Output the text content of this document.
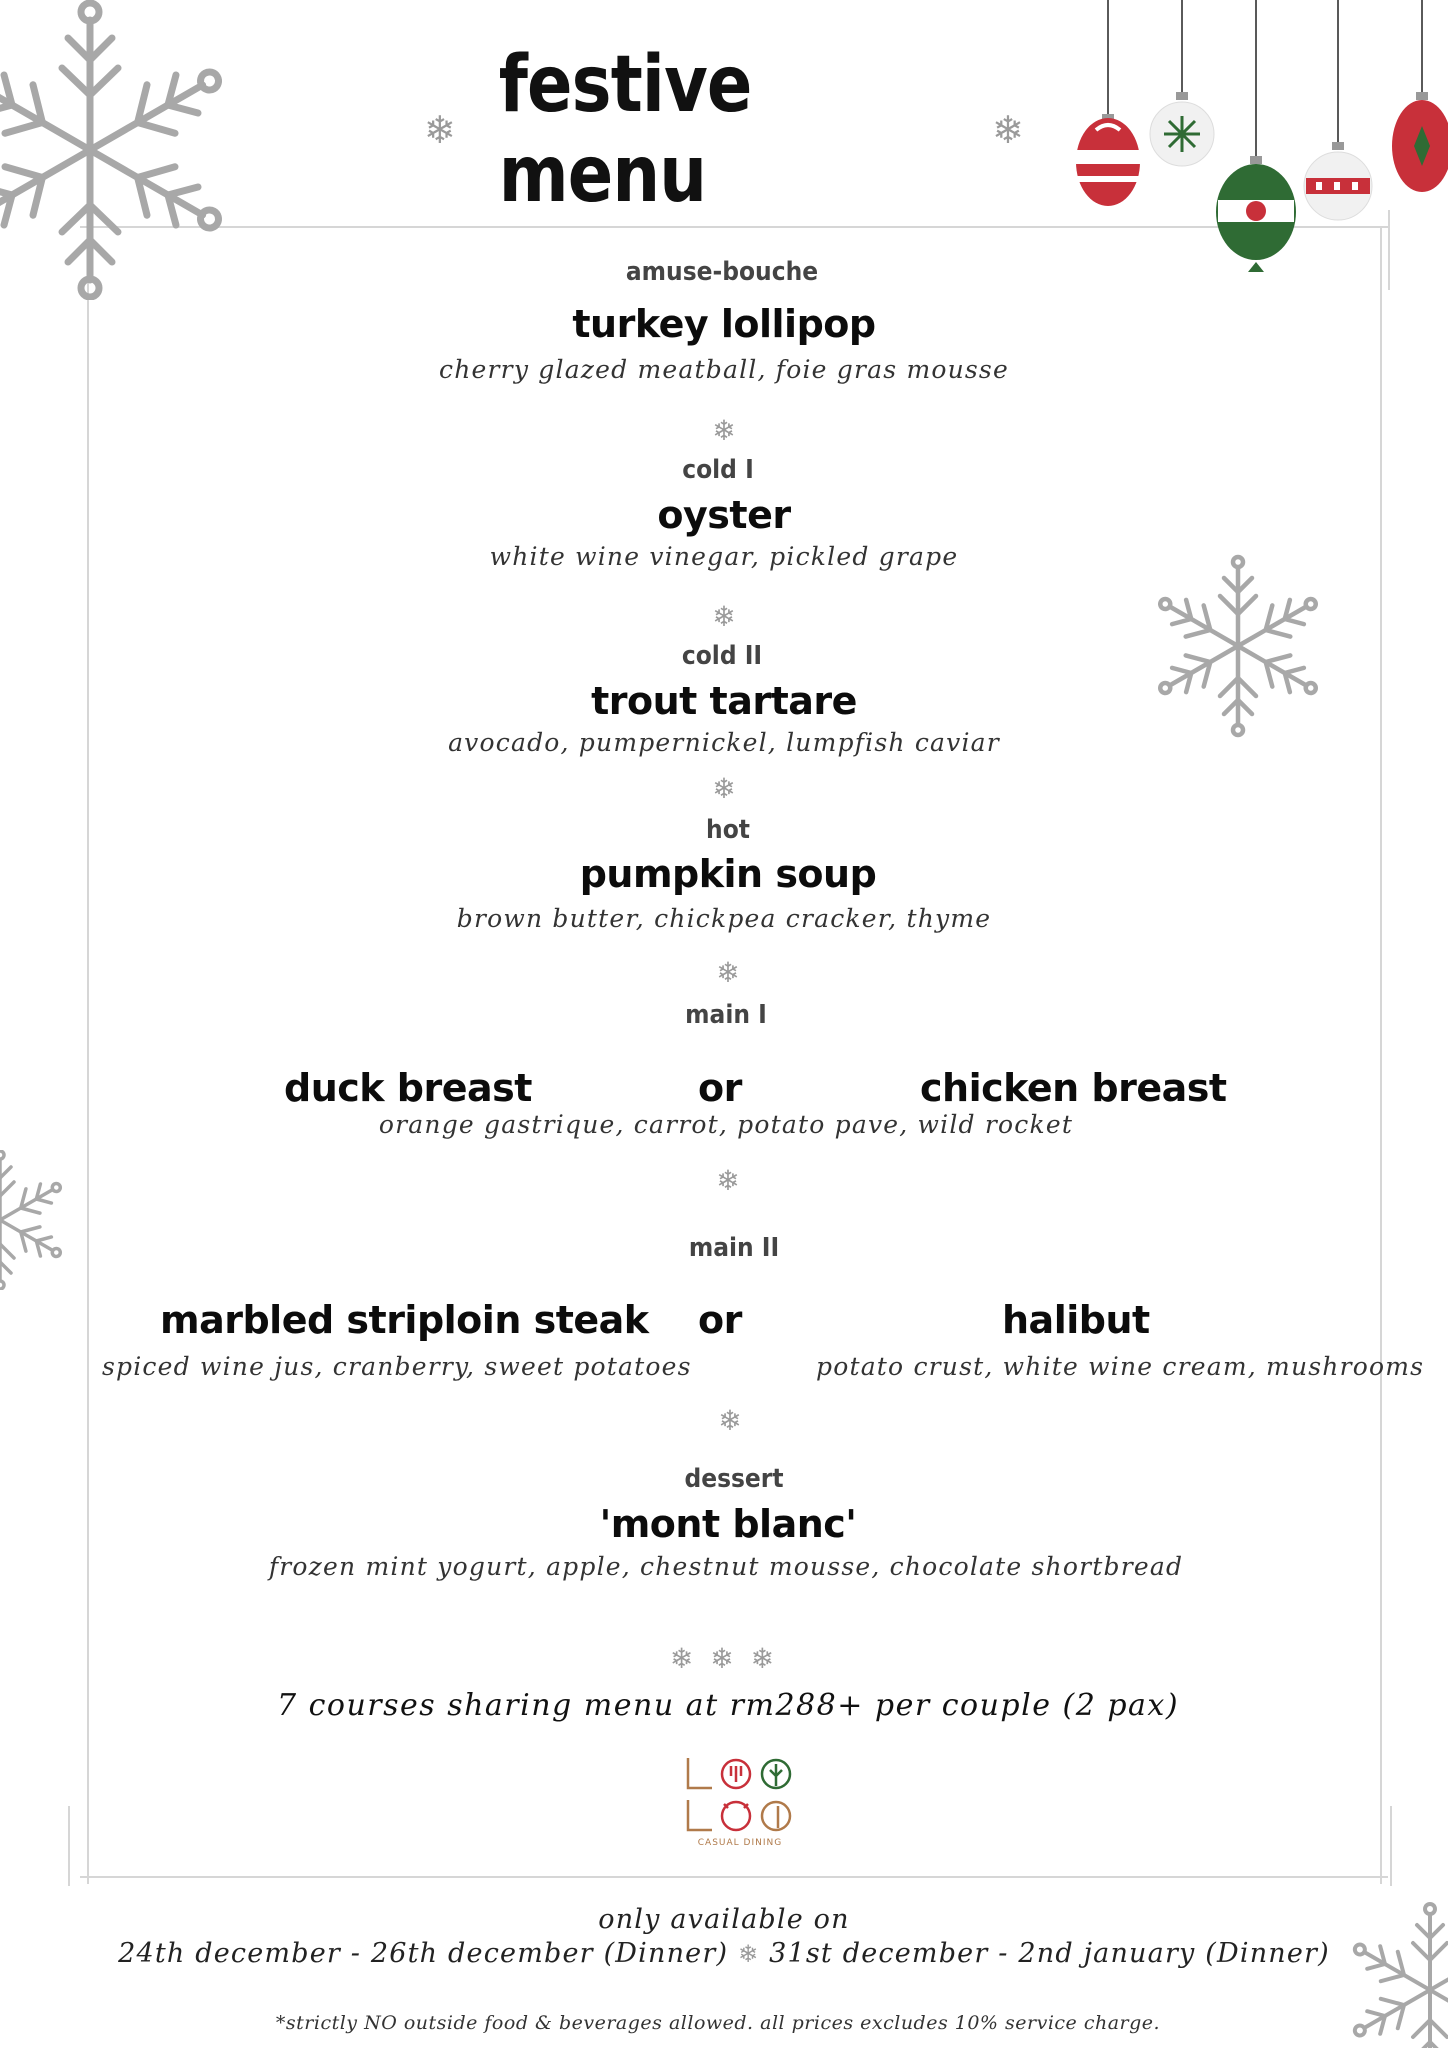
❄ festive menu	❄
amuse-bouche
turkey lollipop
cherry glazed meatball, foie gras mousse
❄
cold I
oyster
white wine vinegar, pickled grape
❄
cold II
trout tartare
avocado, pumpernickel, lumpfish caviar
❄
hot
pumpkin soup
brown butter, chickpea cracker, thyme
❄
main I
duck breast	or	chicken breast
orange gastrique, carrot, potato pave, wild rocket
❄
main II
marbled striploin steak or	halibut
spiced wine jus, cranberry, sweet potatoes	potato crust, white wine cream, mushrooms
❄
dessert
'mont blanc'
frozen mint yogurt, apple, chestnut mousse, chocolate shortbread
❄ ❄ ❄
7 courses sharing menu at rm288+ per couple (2 pax)
CASUAL DINING
only available on
24th december - 26th december (Dinner) ❄ 31st december - 2nd january (Dinner)
*strictly NO outside food & beverages allowed. all prices excludes 10% service charge.
